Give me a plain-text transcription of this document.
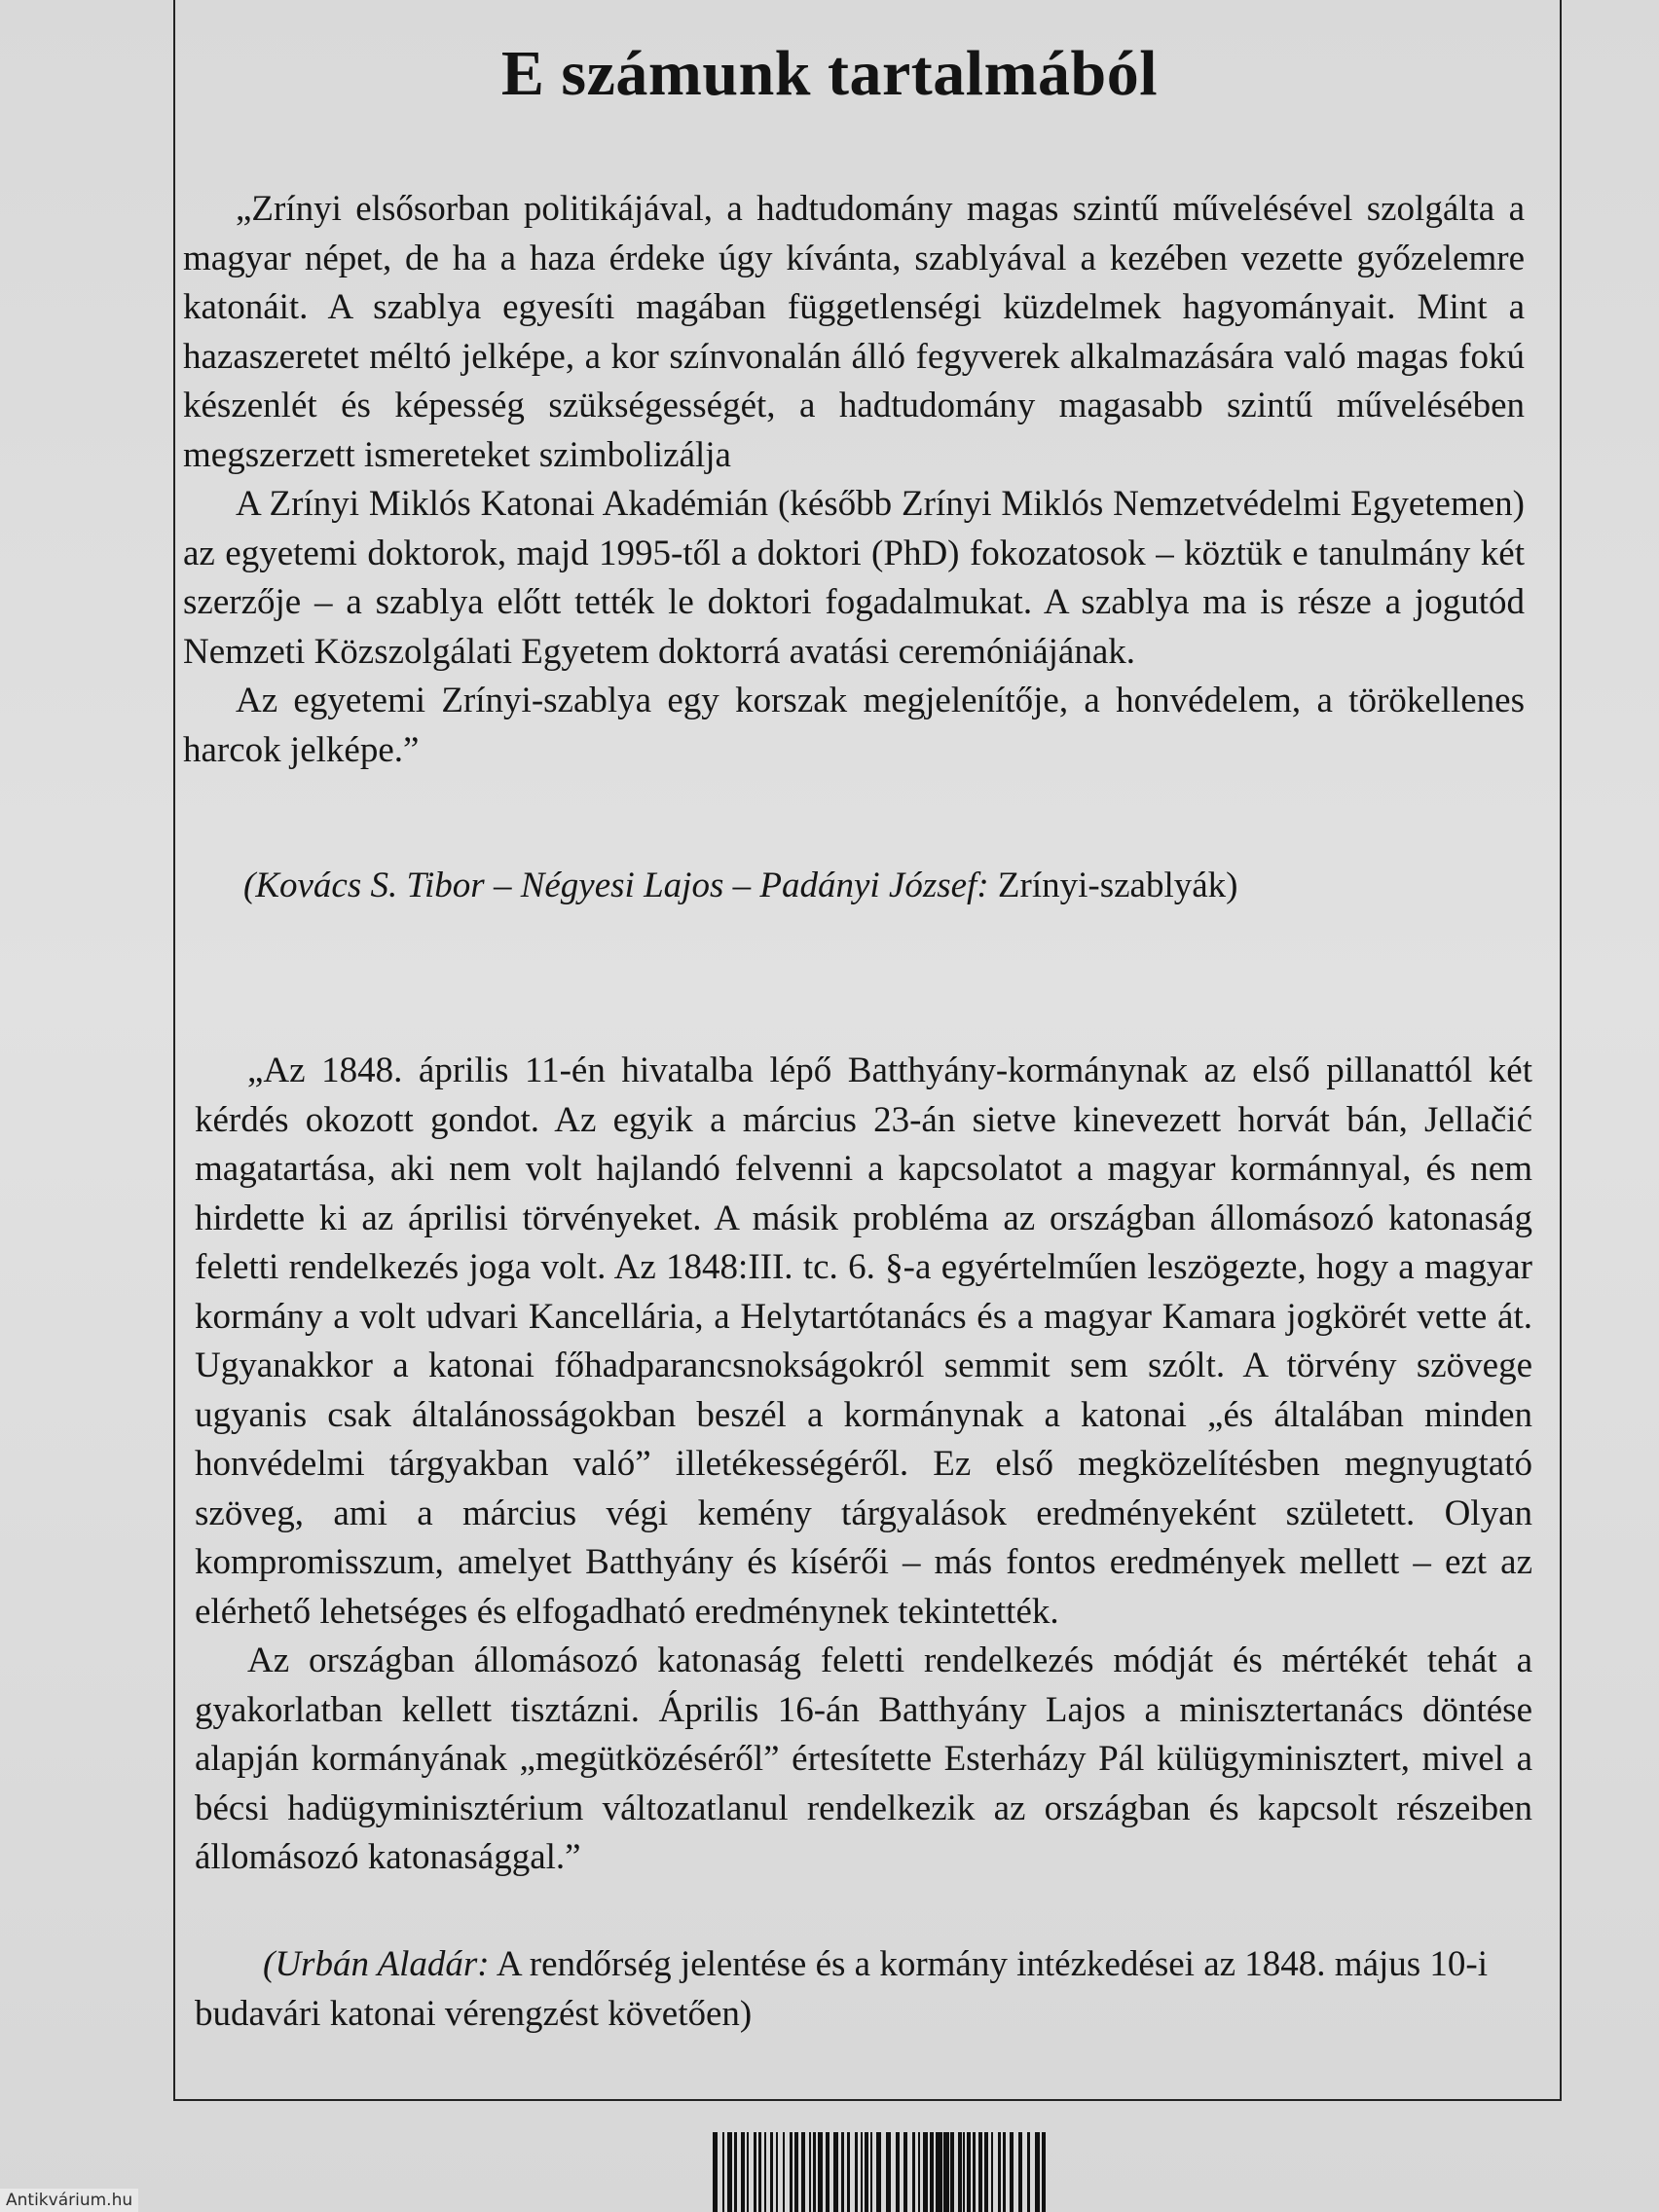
E számunk tartalmából

„Zrínyi elsősorban politikájával, a hadtudomány magas szintű művelésével szolgálta a magyar népet, de ha a haza érdeke úgy kívánta, szablyával a kezében vezette győzelemre katonáit. A szablya egyesíti magában függetlenségi küzdelmek hagyományait. Mint a hazaszeretet méltó jelképe, a kor színvonalán álló fegyverek alkalmazására való magas fokú készenlét és képesség szükségességét, a hadtudomány magasabb szintű művelésében megszerzett ismereteket szimbolizálja

A Zrínyi Miklós Katonai Akadémián (később Zrínyi Miklós Nemzetvédelmi Egyetemen) az egyetemi doktorok, majd 1995-től a doktori (PhD) fokozatosok – köztük e tanulmány két szerzője – a szablya előtt tették le doktori fogadalmukat. A szablya ma is része a jogutód Nemzeti Közszolgálati Egyetem doktorrá avatási ceremóniájának.

Az egyetemi Zrínyi-szablya egy korszak megjelenítője, a honvédelem, a törökellenes harcok jelképe.”

(Kovács S. Tibor – Négyesi Lajos – Padányi József: Zrínyi-szablyák)

„Az 1848. április 11-én hivatalba lépő Batthyány-kormánynak az első pillanattól két kérdés okozott gondot. Az egyik a március 23-án sietve kinevezett horvát bán, Jellačić magatartása, aki nem volt hajlandó felvenni a kapcsolatot a magyar kormánnyal, és nem hirdette ki az áprilisi törvényeket. A másik probléma az országban állomásozó katonaság feletti rendelkezés joga volt. Az 1848:III. tc. 6. §-a egyértelműen leszögezte, hogy a magyar kormány a volt udvari Kancellária, a Helytartótanács és a magyar Kamara jogkörét vette át. Ugyanakkor a katonai főhadparancsnokságokról semmit sem szólt. A törvény szövege ugyanis csak általánosságokban beszél a kormánynak a katonai „és általában minden honvédelmi tárgyakban való” illetékességéről. Ez első megközelítésben megnyugtató szöveg, ami a március végi kemény tárgyalások eredményeként született. Olyan kompromisszum, amelyet Batthyány és kísérői – más fontos eredmények mellett – ezt az elérhető lehetséges és elfogadható eredménynek tekintették.

Az országban állomásozó katonaság feletti rendelkezés módját és mértékét tehát a gyakorlatban kellett tisztázni. Április 16-án Batthyány Lajos a minisztertanács döntése alapján kormányának „megütközéséről” értesítette Esterházy Pál külügyminisztert, mivel a bécsi hadügyminisztérium változatlanul rendelkezik az országban és kapcsolt részeiben állomásozó katonasággal.”

(Urbán Aladár: A rendőrség jelentése és a kormány intézkedései az 1848. május 10-i budavári katonai vérengzést követően)

Antikvárium.hu
